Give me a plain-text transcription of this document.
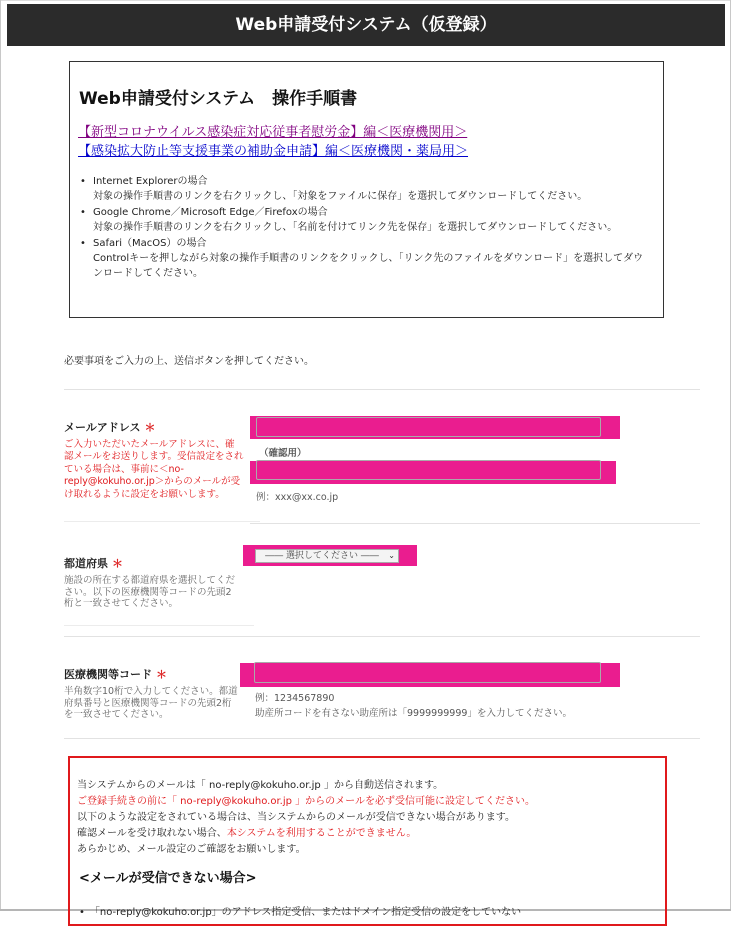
Web申請受付システム（仮登録）
Web申請受付システム　操作手順書
【新型コロナウイルス感染症対応従事者慰労金】編＜医療機関用＞
【感染拡大防止等支援事業の補助金申請】編＜医療機関・薬局用＞
• Internet Explorerの場合
対象の操作手順書のリンクを右クリックし、「対象をファイルに保存」を選択してダウンロードしてください。
• Google Chrome／Microsoft Edge／Firefoxの場合
対象の操作手順書のリンクを右クリックし、「名前を付けてリンク先を保存」を選択してダウンロードしてください。
• Safari（MacOS）の場合
Controlキーを押しながら対象の操作手順書のリンクをクリックし、「リンク先のファイルをダウンロード」を選択してダウンロードしてください。
必要事項をご入力の上、送信ボタンを押してください。
メールアドレス ＊
ご入力いただいたメールアドレスに、確認メールをお送りします。受信設定をされている場合は、事前に＜no-reply@kokuho.or.jp＞からのメールが受け取れるように設定をお願いします。
（確認用）
例：xxx@xx.co.jp
都道府県 ＊
施設の所在する都道府県を選択してください。以下の医療機関等コードの先頭2桁と一致させてください。
―― 選択してください ―― ⌄
医療機関等コード ＊
半角数字10桁で入力してください。都道府県番号と医療機関等コードの先頭2桁を一致させてください。
例：1234567890
助産所コードを有さない助産所は「9999999999」を入力してください。
当システムからのメールは「 no-reply@kokuho.or.jp 」から自動送信されます。
ご登録手続きの前に「 no-reply@kokuho.or.jp 」からのメールを必ず受信可能に設定してください。
以下のような設定をされている場合は、当システムからのメールが受信できない場合があります。
確認メールを受け取れない場合、本システムを利用することができません。
あらかじめ、メール設定のご確認をお願いします。
<メールが受信できない場合>
•　「no-reply@kokuho.or.jp」のアドレス指定受信、またはドメイン指定受信の設定をしていない
